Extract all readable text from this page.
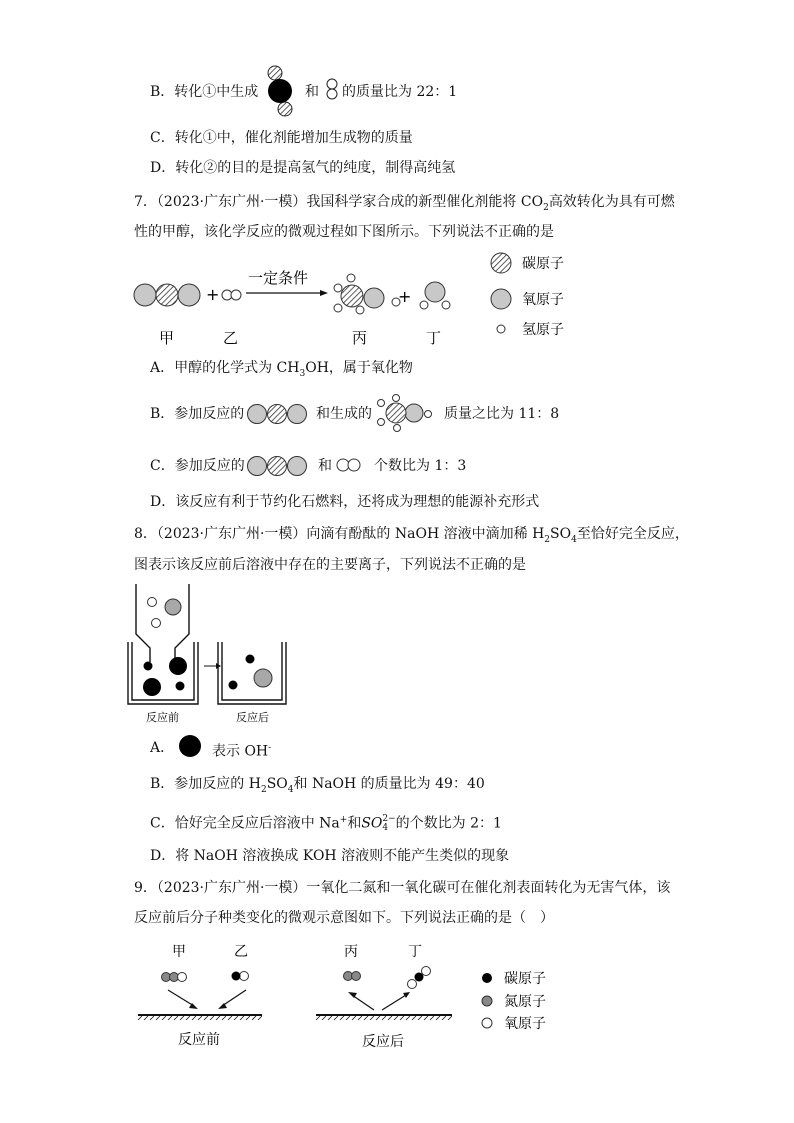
B．转化①中生成	和 的质量比为 22：1
C．转化①中，催化剂能增加生成物的质量
D．转化②的目的是提高氢气的纯度，制得高纯氢
7．（2023·广东广州·一模）我国科学家合成的新型催化剂能将 $CO_2$高效转化为具有可燃
性的甲醇，该化学反应的微观过程如下图所示。下列说法不正确的是
+
一定条件
+
甲	乙	丙	丁
碳原子
氧原子
氢原子
A．甲醇的化学式为 $CH_3OH$，属于氧化物
B．参加反应的	和生成的	质量之比为 11：8
C．参加反应的	和	个数比为 1：3
D．该反应有利于节约化石燃料，还将成为理想的能源补充形式
8．（2023·广东广州·一模）向滴有酚酞的 NaOH 溶液中滴加稀 $H_2SO_4$至恰好完全反应，
图表示该反应前后溶液中存在的主要离子，下列说法不正确的是
反应前	反应后
A．	表示 OH-
B．参加反应的 $H_2SO_4$和 NaOH 的质量比为 49：40
C．恰好完全反应后溶液中 Na+和SO 2−
4 的个数比为 2：1
D．将 NaOH 溶液换成 KOH 溶液则不能产生类似的现象
9．（2023·广东广州·一模）一氧化二氮和一氧化碳可在催化剂表面转化为无害气体，该
反应前后分子种类变化的微观示意图如下。下列说法正确的是（　）
甲	乙	丙	丁
反应前	反应后
碳原子
氮原子
氧原子
